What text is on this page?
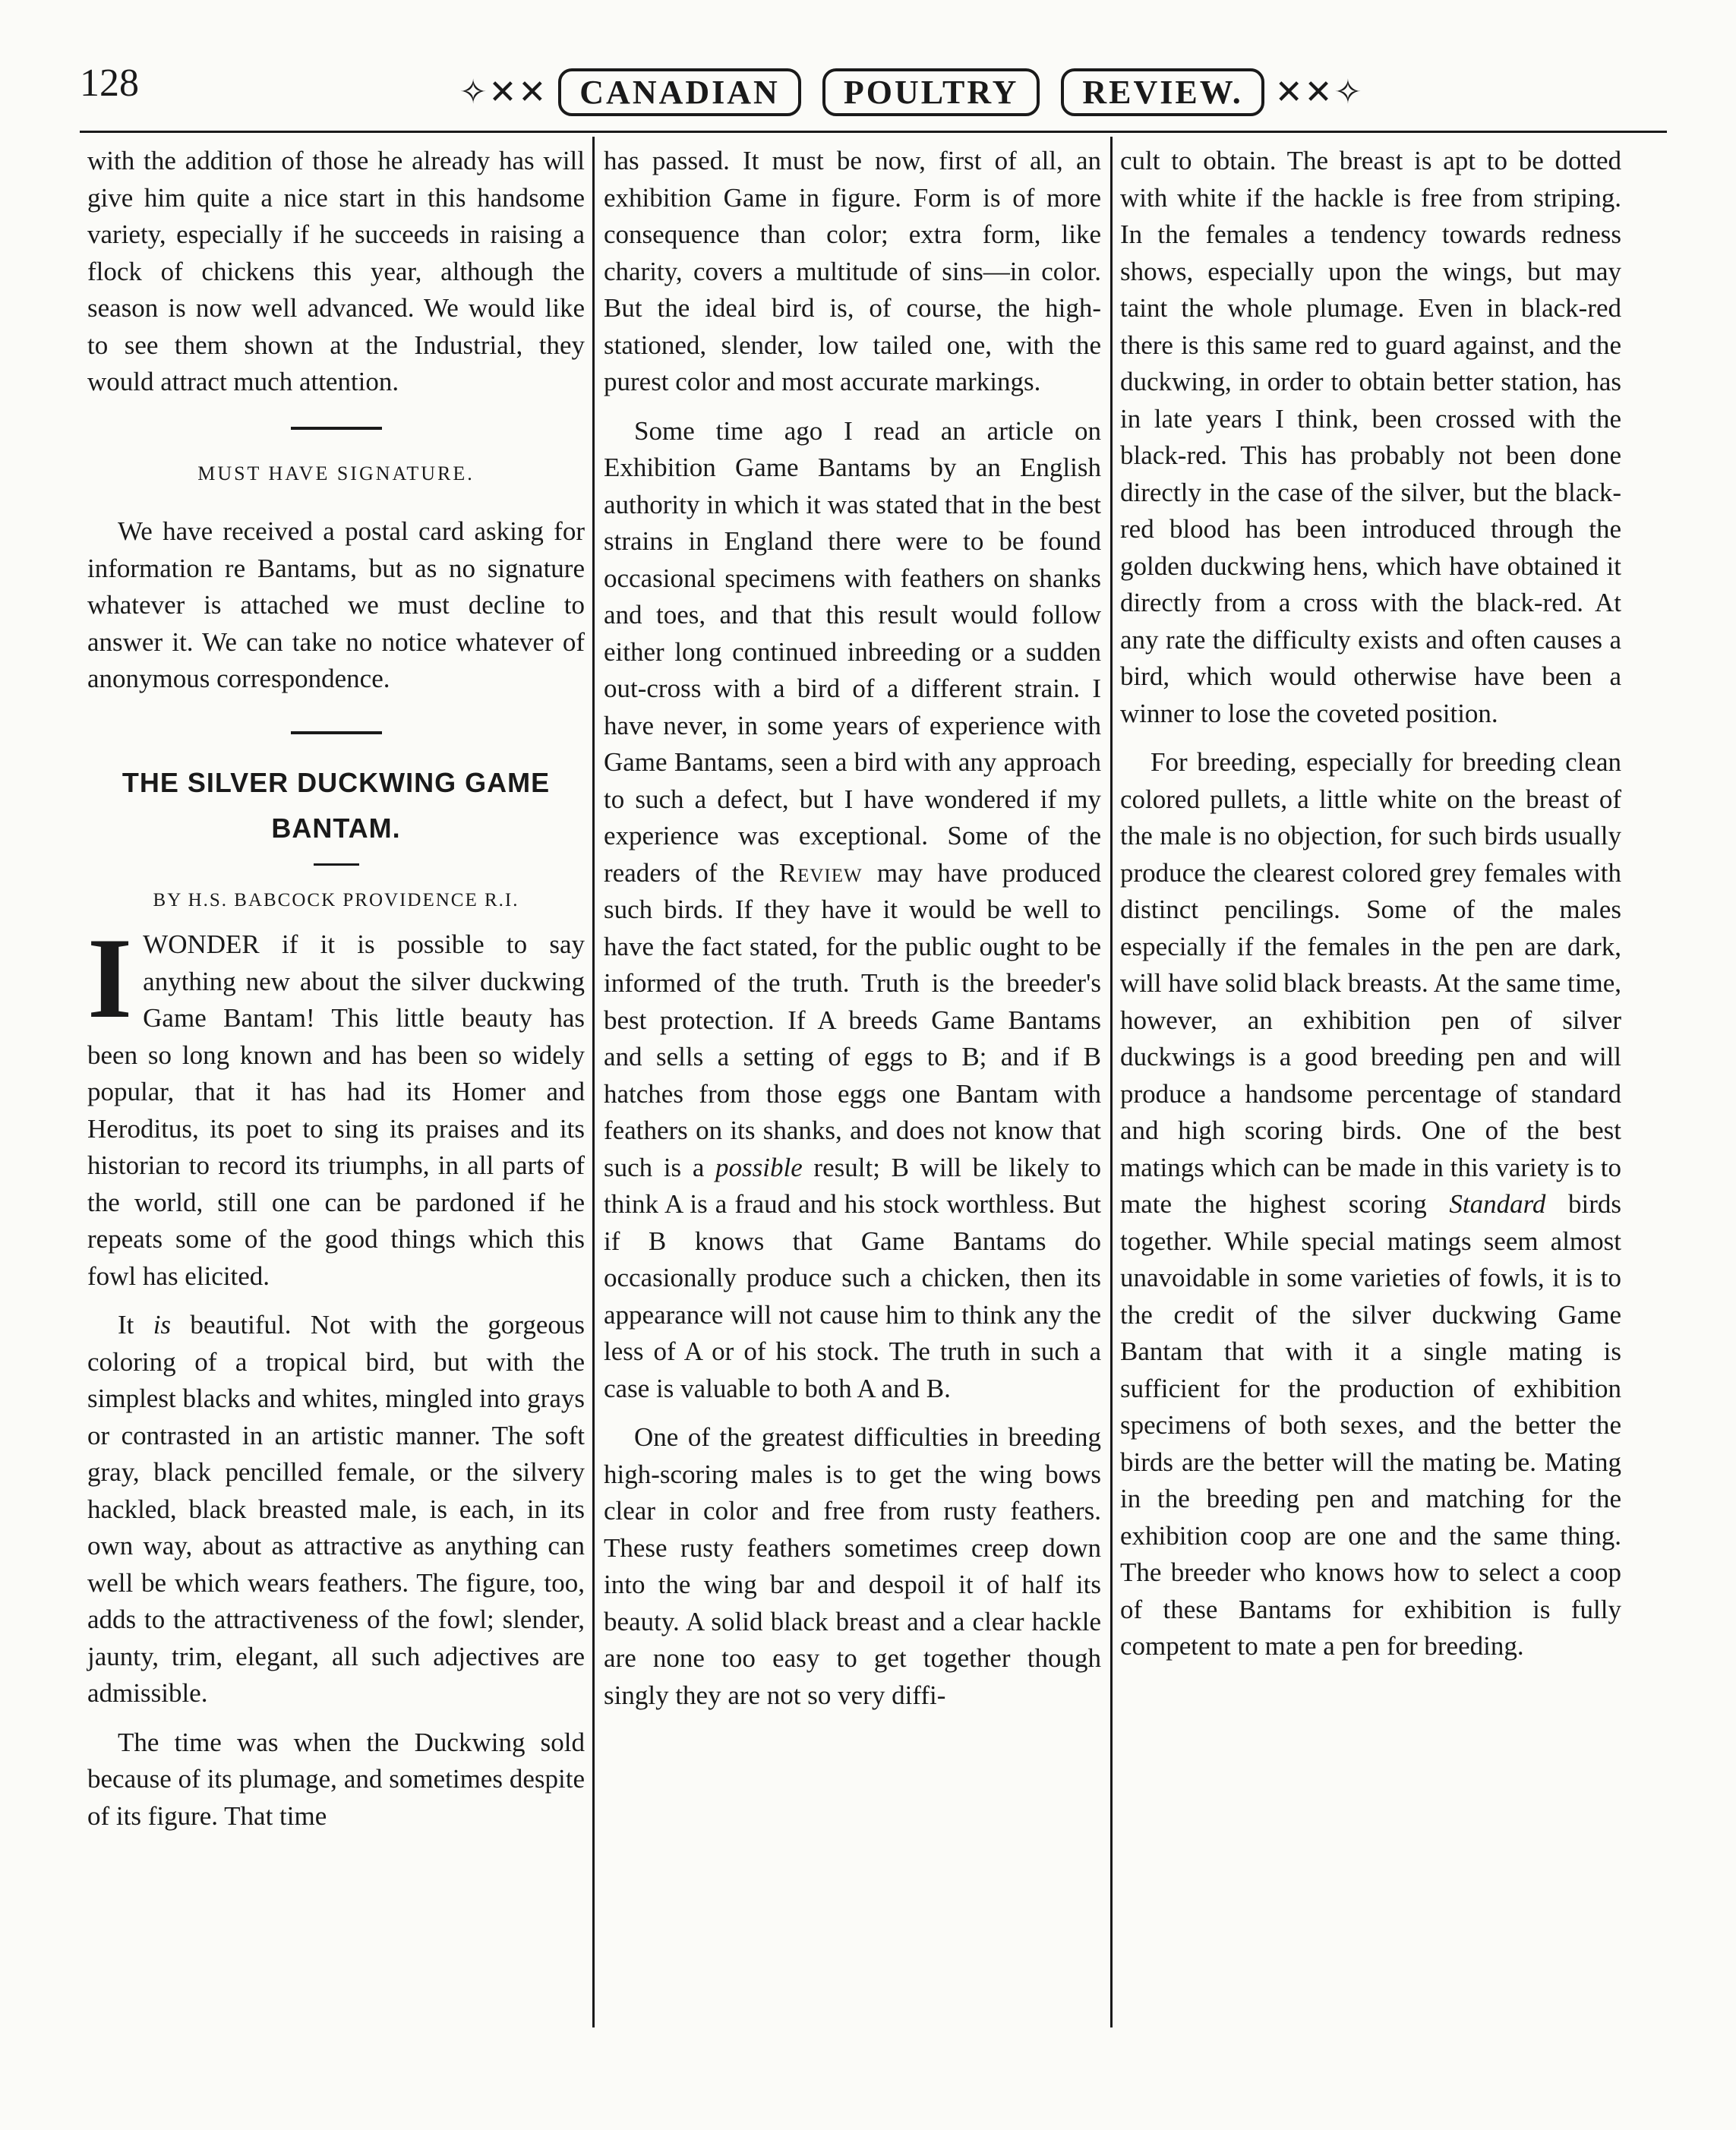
128	✧✕✕ CANADIAN	POULTRY	REVIEW. ✕✕✧

with the addition of those he already has will give him quite a nice start in this handsome variety, especially if he succeeds in raising a flock of chickens this year, although the season is now well advanced. We would like to see them shown at the Industrial, they would attract much attention.

MUST HAVE SIGNATURE.

We have received a postal card asking for information re Bantams, but as no signature whatever is attached we must decline to answer it. We can take no notice whatever of anonymous correspondence.

THE SILVER DUCKWING GAME
BANTAM.
BY H.S. BABCOCK PROVIDENCE R.I.

IWONDER if it is possible to say anything new about the silver duckwing Game Bantam! This little beauty has been so long known and has been so widely popular, that it has had its Homer and Heroditus, its poet to sing its praises and its historian to record its triumphs, in all parts of the world, still one can be pardoned if he repeats some of the good things which this fowl has elicited.

It is beautiful. Not with the gorgeous coloring of a tropical bird, but with the simplest blacks and whites, mingled into grays or contrasted in an artistic manner. The soft gray, black pencilled female, or the silvery hackled, black breasted male, is each, in its own way, about as attractive as anything can well be which wears feathers. The figure, too, adds to the attractiveness of the fowl; slender, jaunty, trim, elegant, all such adjectives are admissible.

The time was when the Duckwing sold because of its plumage, and sometimes despite of its figure. That time

has passed. It must be now, first of all, an exhibition Game in figure. Form is of more consequence than color; extra form, like charity, covers a multitude of sins—in color. But the ideal bird is, of course, the high-stationed, slender, low tailed one, with the purest color and most accurate markings.

Some time ago I read an article on Exhibition Game Bantams by an English authority in which it was stated that in the best strains in England there were to be found occasional specimens with feathers on shanks and toes, and that this result would follow either long continued inbreeding or a sudden out-cross with a bird of a different strain. I have never, in some years of experience with Game Bantams, seen a bird with any approach to such a defect, but I have wondered if my experience was exceptional. Some of the readers of the Review may have produced such birds. If they have it would be well to have the fact stated, for the public ought to be informed of the truth. Truth is the breeder's best protection. If A breeds Game Bantams and sells a setting of eggs to B; and if B hatches from those eggs one Bantam with feathers on its shanks, and does not know that such is a possible result; B will be likely to think A is a fraud and his stock worthless. But if B knows that Game Bantams do occasionally produce such a chicken, then its appearance will not cause him to think any the less of A or of his stock. The truth in such a case is valuable to both A and B.

One of the greatest difficulties in breeding high-scoring males is to get the wing bows clear in color and free from rusty feathers. These rusty feathers sometimes creep down into the wing bar and despoil it of half its beauty. A solid black breast and a clear hackle are none too easy to get together though singly they are not so very diffi-

cult to obtain. The breast is apt to be dotted with white if the hackle is free from striping. In the females a tendency towards redness shows, especially upon the wings, but may taint the whole plumage. Even in black-red there is this same red to guard against, and the duckwing, in order to obtain better station, has in late years I think, been crossed with the black-red. This has probably not been done directly in the case of the silver, but the black-red blood has been introduced through the golden duckwing hens, which have obtained it directly from a cross with the black-red. At any rate the difficulty exists and often causes a bird, which would otherwise have been a winner to lose the coveted position.

For breeding, especially for breeding clean colored pullets, a little white on the breast of the male is no objection, for such birds usually produce the clearest colored grey females with distinct pencilings. Some of the males especially if the females in the pen are dark, will have solid black breasts. At the same time, however, an exhibition pen of silver duckwings is a good breeding pen and will produce a handsome percentage of standard and high scoring birds. One of the best matings which can be made in this variety is to mate the highest scoring Standard birds together. While special matings seem almost unavoidable in some varieties of fowls, it is to the credit of the silver duckwing Game Bantam that with it a single mating is sufficient for the production of exhibition specimens of both sexes, and the better the birds are the better will the mating be. Mating in the breeding pen and matching for the exhibition coop are one and the same thing. The breeder who knows how to select a coop of these Bantams for exhibition is fully competent to mate a pen for breeding.
